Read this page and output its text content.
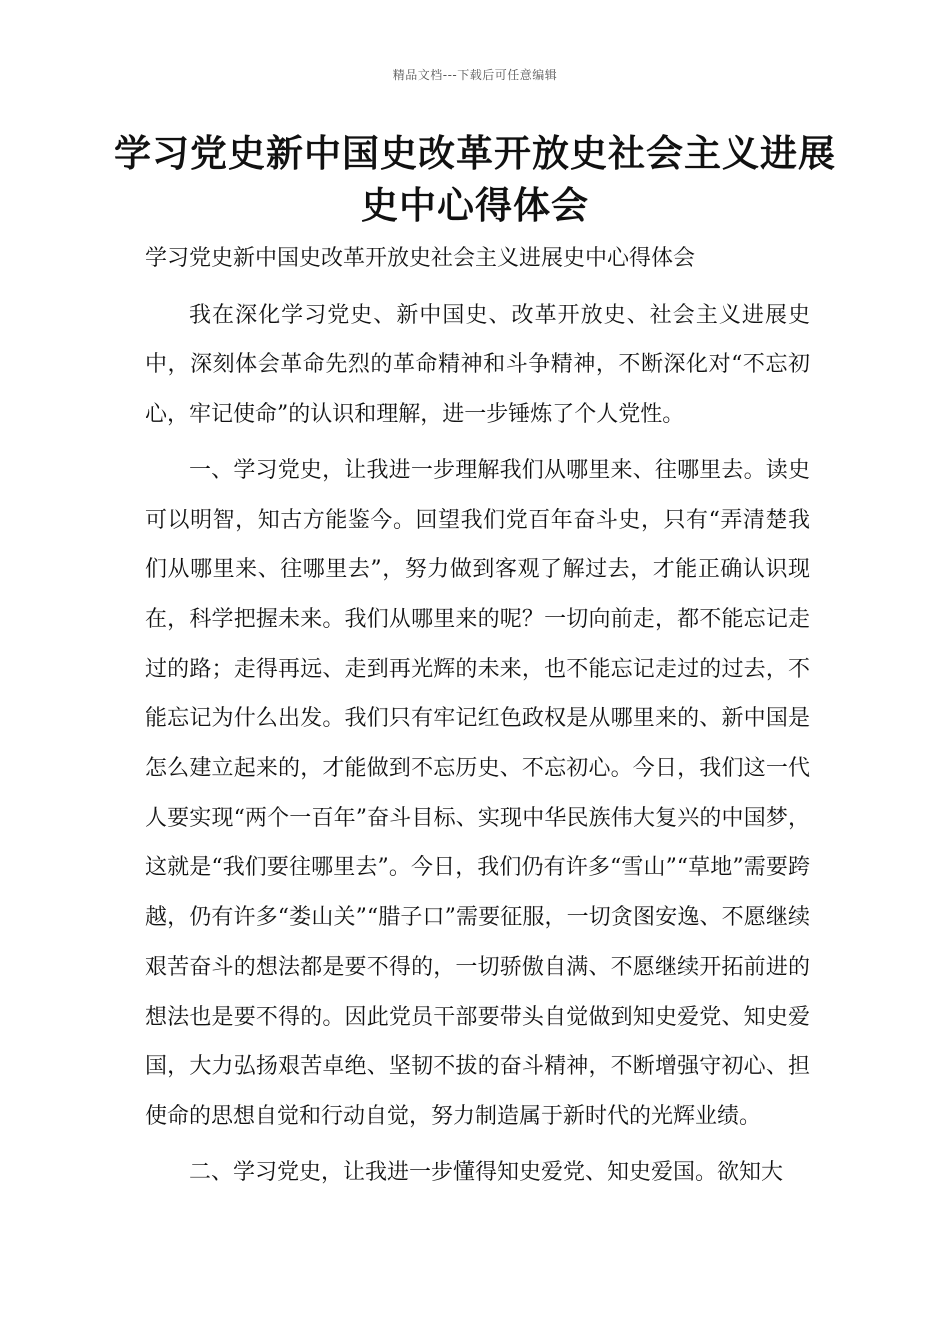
精品文档---下载后可任意编辑
学习党史新中国史改革开放史社会主义进展史中心得体会

学习党史新中国史改革开放史社会主义进展史中心得体会

我在深化学习党史、新中国史、改革开放史、社会主义进展史中，深刻体会革命先烈的革命精神和斗争精神，不断深化对“不忘初心，牢记使命”的认识和理解，进一步锤炼了个人党性。

一、学习党史，让我进一步理解我们从哪里来、往哪里去。读史可以明智，知古方能鉴今。回望我们党百年奋斗史，只有“弄清楚我们从哪里来、往哪里去”，努力做到客观了解过去，才能正确认识现在，科学把握未来。我们从哪里来的呢？一切向前走，都不能忘记走过的路；走得再远、走到再光辉的未来，也不能忘记走过的过去，不能忘记为什么出发。我们只有牢记红色政权是从哪里来的、新中国是怎么建立起来的，才能做到不忘历史、不忘初心。今日，我们这一代人要实现“两个一百年”奋斗目标、实现中华民族伟大复兴的中国梦，这就是“我们要往哪里去”。今日，我们仍有许多“雪山”“草地”需要跨越，仍有许多“娄山关”“腊子口”需要征服，一切贪图安逸、不愿继续艰苦奋斗的想法都是要不得的，一切骄傲自满、不愿继续开拓前进的想法也是要不得的。因此党员干部要带头自觉做到知史爱党、知史爱国，大力弘扬艰苦卓绝、坚韧不拔的奋斗精神，不断增强守初心、担使命的思想自觉和行动自觉，努力制造属于新时代的光辉业绩。

二、学习党史，让我进一步懂得知史爱党、知史爱国。欲知大
